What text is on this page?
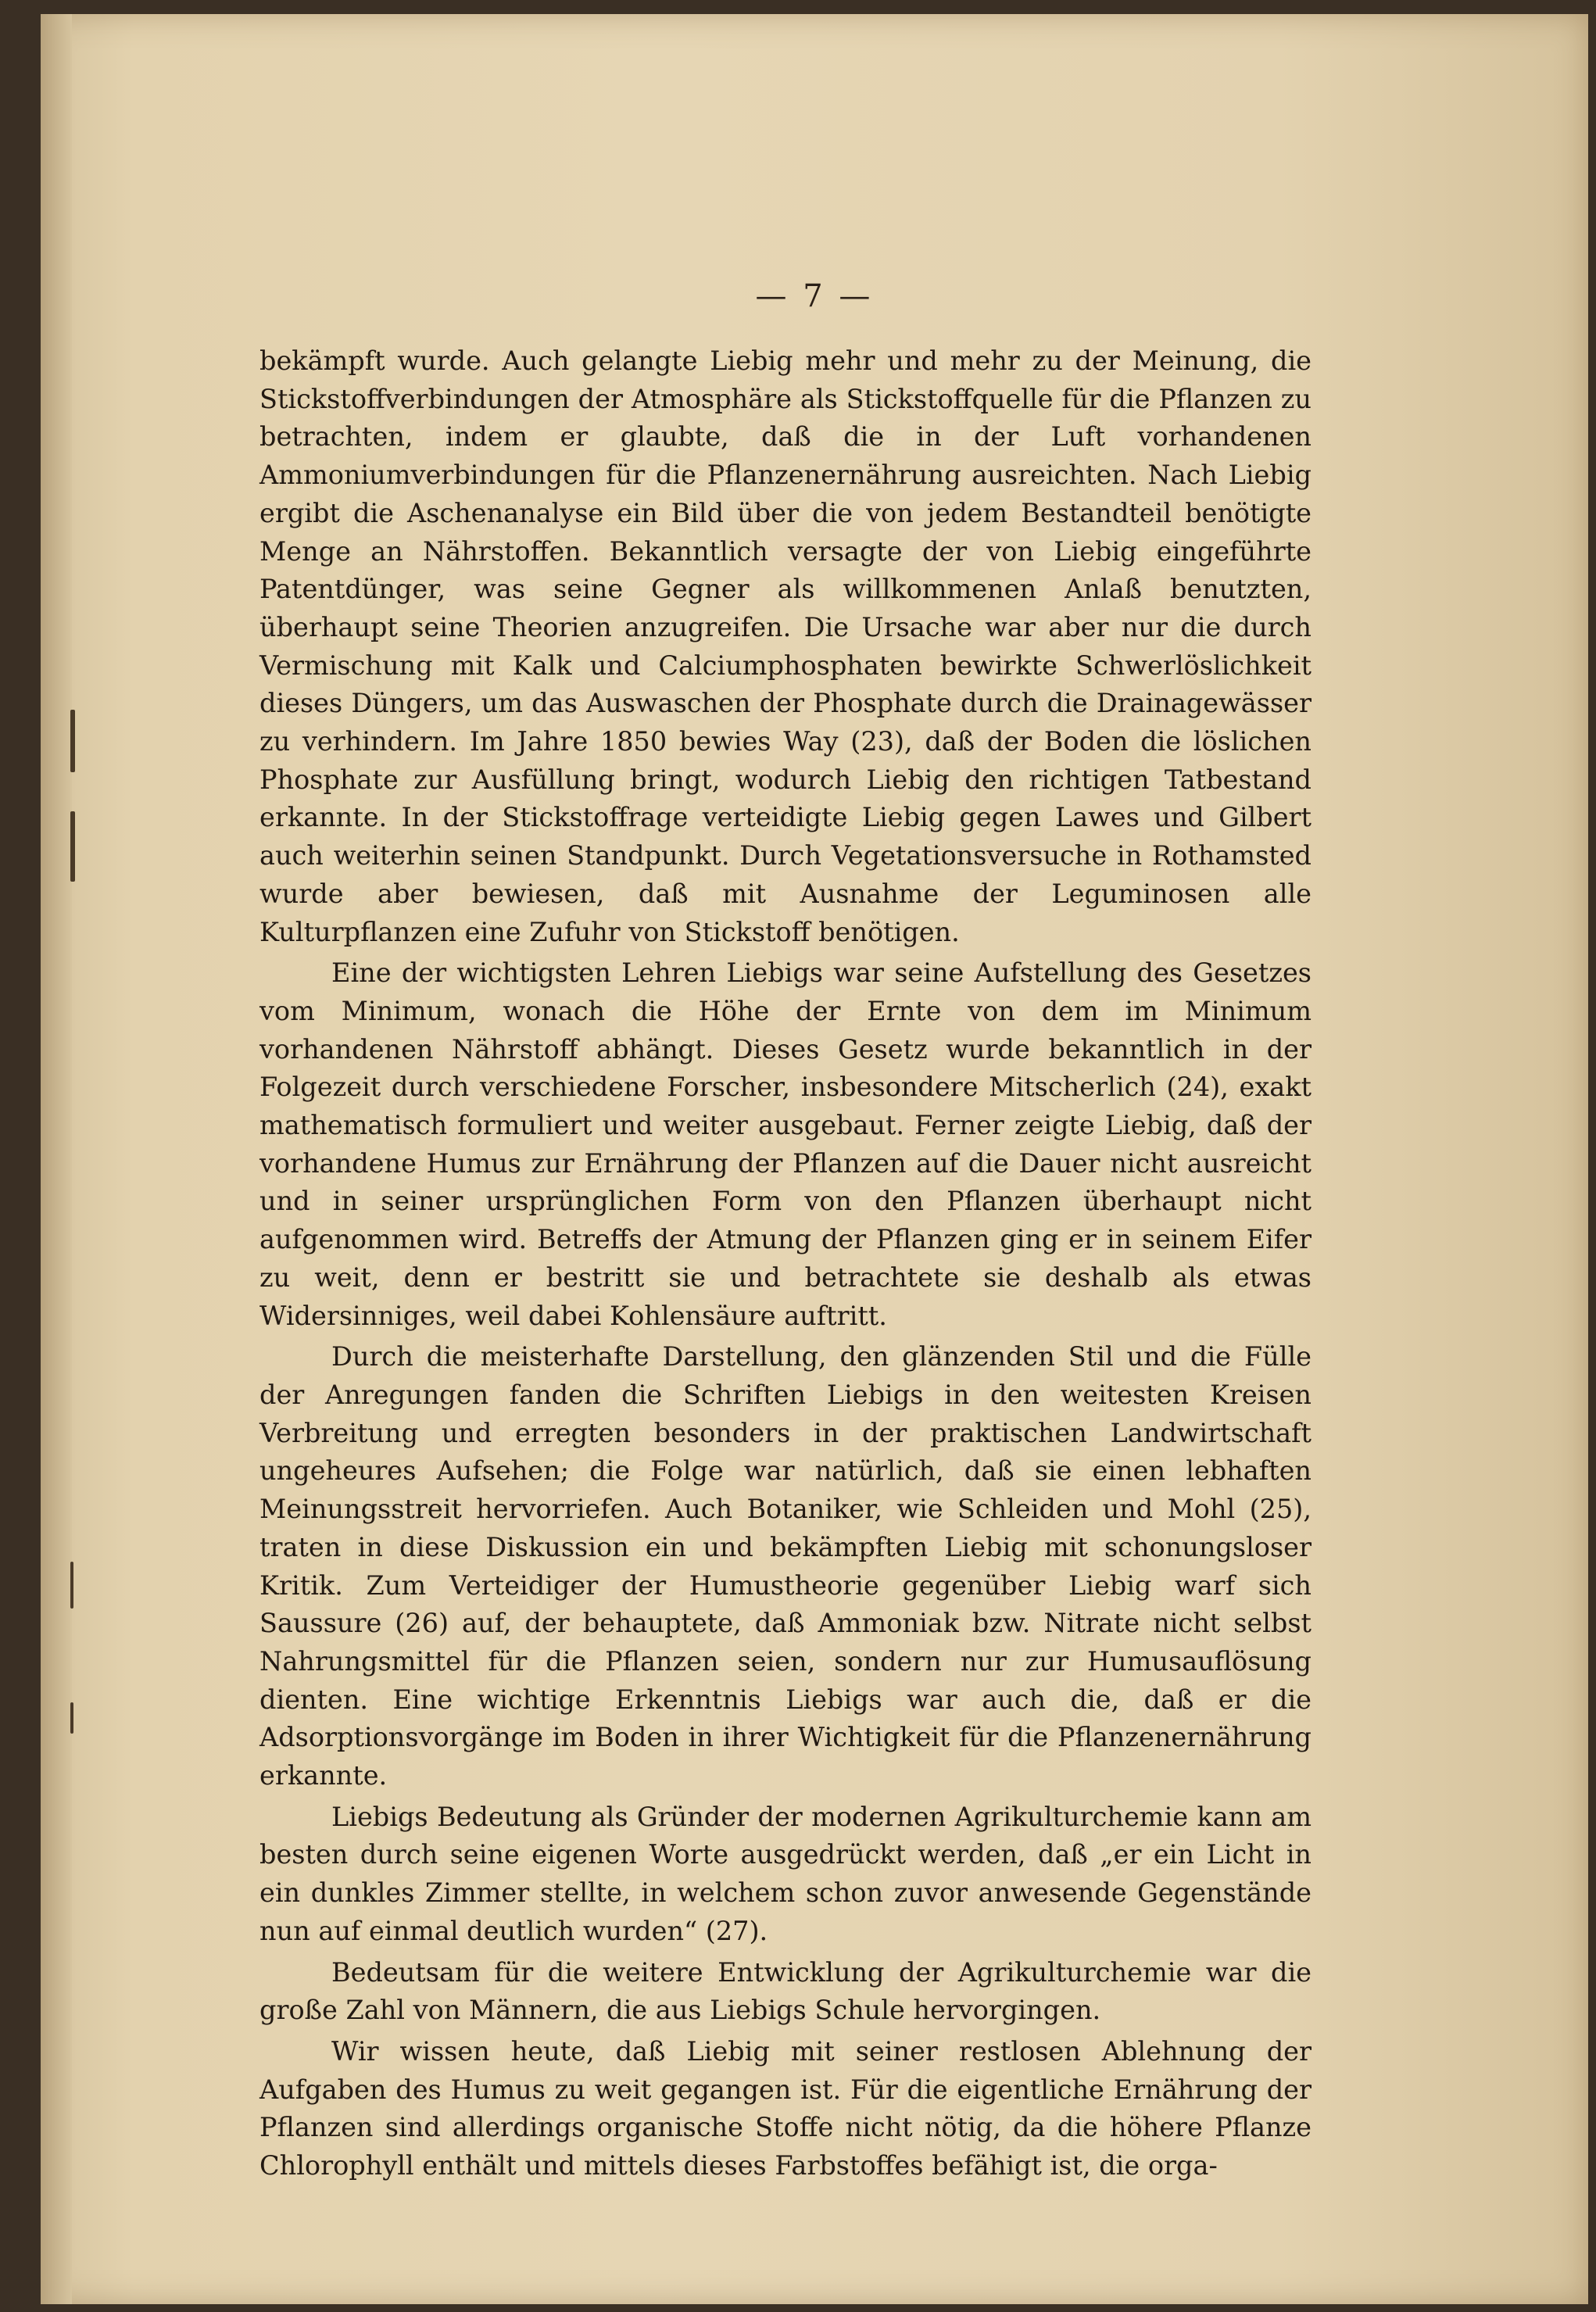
— 7 —

bekämpft wurde. Auch gelangte Liebig mehr und mehr zu der Meinung, die Stickstoffverbindungen der Atmosphäre als Stickstoffquelle für die Pflanzen zu betrachten, indem er glaubte, daß die in der Luft vorhandenen Ammoniumverbindungen für die Pflanzenernährung ausreichten. Nach Liebig ergibt die Aschenanalyse ein Bild über die von jedem Bestandteil benötigte Menge an Nährstoffen. Bekanntlich versagte der von Liebig eingeführte Patentdünger, was seine Gegner als willkommenen Anlaß benutzten, überhaupt seine Theorien anzugreifen. Die Ursache war aber nur die durch Vermischung mit Kalk und Calciumphosphaten bewirkte Schwerlöslichkeit dieses Düngers, um das Auswaschen der Phosphate durch die Drainagewässer zu verhindern. Im Jahre 1850 bewies Way (23), daß der Boden die löslichen Phosphate zur Ausfüllung bringt, wodurch Liebig den richtigen Tatbestand erkannte. In der Stickstoffrage verteidigte Liebig gegen Lawes und Gilbert auch weiterhin seinen Standpunkt. Durch Vegetationsversuche in Rothamsted wurde aber bewiesen, daß mit Ausnahme der Leguminosen alle Kulturpflanzen eine Zufuhr von Stickstoff benötigen.

Eine der wichtigsten Lehren Liebigs war seine Aufstellung des Gesetzes vom Minimum, wonach die Höhe der Ernte von dem im Minimum vorhandenen Nährstoff abhängt. Dieses Gesetz wurde bekanntlich in der Folgezeit durch verschiedene Forscher, insbesondere Mitscherlich (24), exakt mathematisch formuliert und weiter ausgebaut. Ferner zeigte Liebig, daß der vorhandene Humus zur Ernährung der Pflanzen auf die Dauer nicht ausreicht und in seiner ursprünglichen Form von den Pflanzen überhaupt nicht aufgenommen wird. Betreffs der Atmung der Pflanzen ging er in seinem Eifer zu weit, denn er bestritt sie und betrachtete sie deshalb als etwas Widersinniges, weil dabei Kohlensäure auftritt.

Durch die meisterhafte Darstellung, den glänzenden Stil und die Fülle der Anregungen fanden die Schriften Liebigs in den weitesten Kreisen Verbreitung und erregten besonders in der praktischen Landwirtschaft ungeheures Aufsehen; die Folge war natürlich, daß sie einen lebhaften Meinungsstreit hervorriefen. Auch Botaniker, wie Schleiden und Mohl (25), traten in diese Diskussion ein und bekämpften Liebig mit schonungsloser Kritik. Zum Verteidiger der Humustheorie gegenüber Liebig warf sich Saussure (26) auf, der behauptete, daß Ammoniak bzw. Nitrate nicht selbst Nahrungsmittel für die Pflanzen seien, sondern nur zur Humusauflösung dienten. Eine wichtige Erkenntnis Liebigs war auch die, daß er die Adsorptionsvorgänge im Boden in ihrer Wichtigkeit für die Pflanzenernährung erkannte.

Liebigs Bedeutung als Gründer der modernen Agrikulturchemie kann am besten durch seine eigenen Worte ausgedrückt werden, daß „er ein Licht in ein dunkles Zimmer stellte, in welchem schon zuvor anwesende Gegenstände nun auf einmal deutlich wurden“ (27).

Bedeutsam für die weitere Entwicklung der Agrikulturchemie war die große Zahl von Männern, die aus Liebigs Schule hervorgingen.

Wir wissen heute, daß Liebig mit seiner restlosen Ablehnung der Aufgaben des Humus zu weit gegangen ist. Für die eigentliche Ernährung der Pflanzen sind allerdings organische Stoffe nicht nötig, da die höhere Pflanze Chlorophyll enthält und mittels dieses Farbstoffes befähigt ist, die orga-
